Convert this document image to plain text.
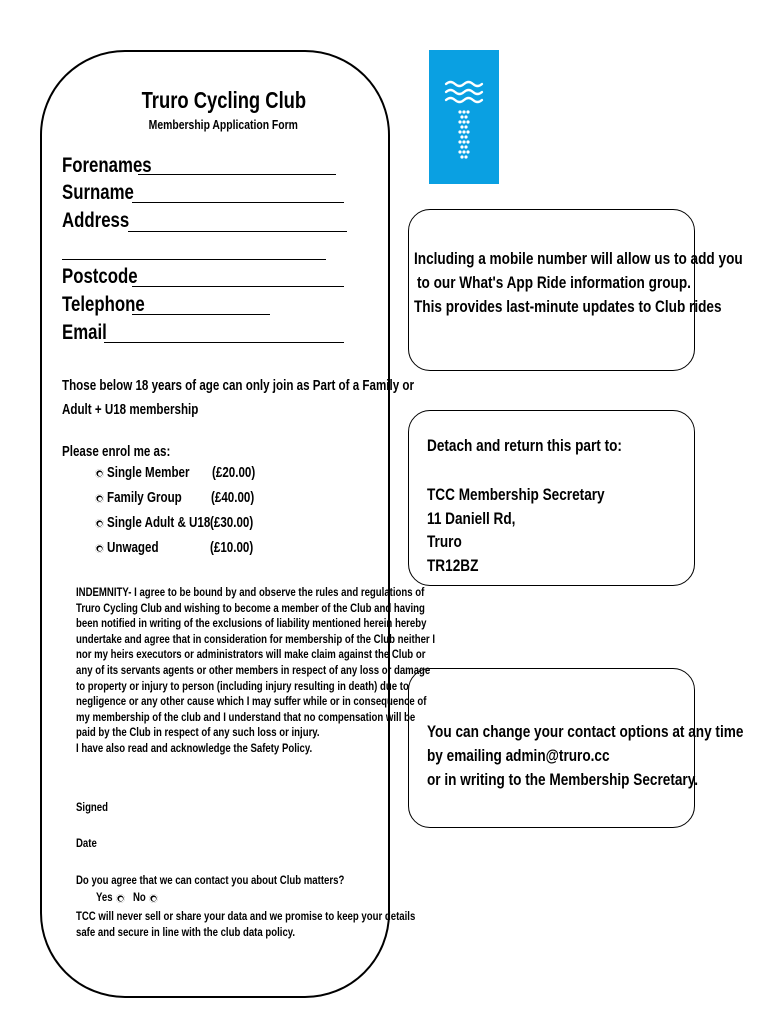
Truro Cycling Club
Membership Application Form
Forenames
Surname
Address
Postcode
Telephone
Email
Those below 18 years of age can only join as Part of a Family or
Adult + U18 membership
Please enrol me as:
Single Member	(£20.00)
Family Group	(£40.00)
Single Adult & U18 (£30.00)
Unwaged	(£10.00)
INDEMNITY- I agree to be bound by and observe the rules and regulations of
Truro Cycling Club and wishing to become a member of the Club and having
been notified in writing of the exclusions of liability mentioned herein hereby
undertake and agree that in consideration for membership of the Club neither I
nor my heirs executors or administrators will make claim against the Club or
any of its servants agents or other members in respect of any loss or damage
to property or injury to person (including injury resulting in death) due to
negligence or any other cause which I may suffer while or in consequence of
my membership of the club and I understand that no compensation will be
paid by the Club in respect of any such loss or injury.
I have also read and acknowledge the Safety Policy.
Signed
Date
Do you agree that we can contact you about Club matters?
Yes	No
TCC will never sell or share your data and we promise to keep your details
safe and secure in line with the club data policy.
Including a mobile number will allow us to add you
to our What's App Ride information group.
This provides last-minute updates to Club rides
Detach and return this part to:
TCC Membership Secretary
11 Daniell Rd,
Truro
TR12BZ
You can change your contact options at any time
by emailing admin@truro.cc
or in writing to the Membership Secretary.
